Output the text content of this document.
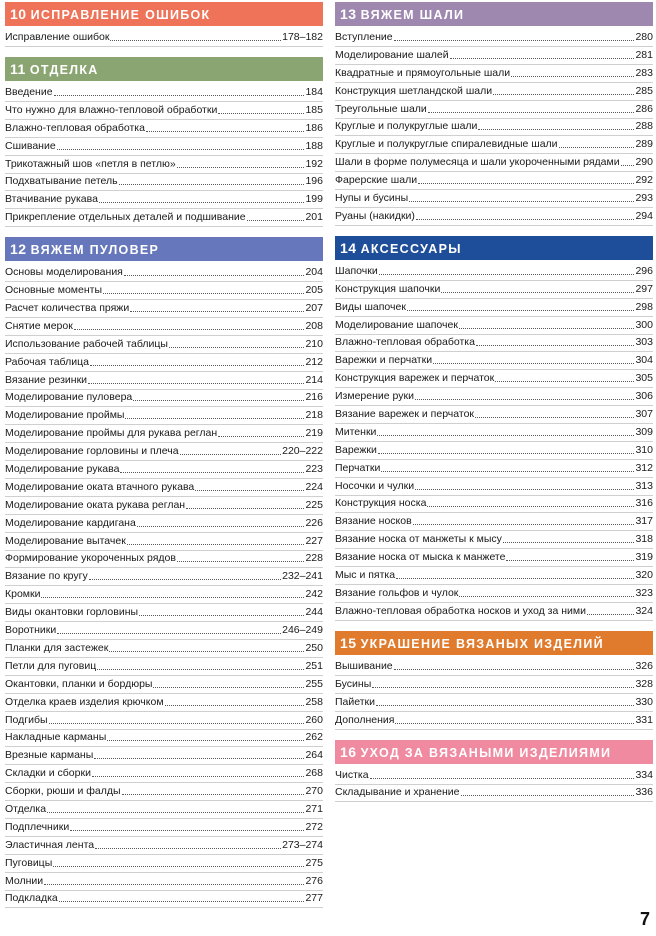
10 ИСПРАВЛЕНИЕ ОШИБОК
Исправление ошибок	178–182
11 ОТДЕЛКА
Введение	184
Что нужно для влажно-тепловой обработки	185
Влажно-тепловая обработка	186
Сшивание	188
Трикотажный шов «петля в петлю»	192
Подхватывание петель	196
Втачивание рукава	199
Прикрепление отдельных деталей и подшивание	201
12 ВЯЖЕМ ПУЛОВЕР
Основы моделирования	204
Основные моменты	205
Расчет количества пряжи	207
Снятие мерок	208
Использование рабочей таблицы	210
Рабочая таблица	212
Вязание резинки	214
Моделирование пуловера	216
Моделирование проймы	218
Моделирование проймы для рукава реглан	219
Моделирование горловины и плеча	220–222
Моделирование рукава	223
Моделирование оката втачного рукава	224
Моделирование оката рукава реглан	225
Моделирование кардигана	226
Моделирование вытачек	227
Формирование укороченных рядов	228
Вязание по кругу	232–241
Кромки	242
Виды окантовки горловины	244
Воротники	246–249
Планки для застежек	250
Петли для пуговиц	251
Окантовки, планки и бордюры	255
Отделка краев изделия крючком	258
Подгибы	260
Накладные карманы	262
Врезные карманы	264
Складки и сборки	268
Сборки, рюши и фалды	270
Отделка	271
Подплечники	272
Эластичная лента	273–274
Пуговицы	275
Молнии	276
Подкладка	277
13 ВЯЖЕМ ШАЛИ
Вступление	280
Моделирование шалей	281
Квадратные и прямоугольные шали	283
Конструкция шетландской шали	285
Треугольные шали	286
Круглые и полукруглые шали	288
Круглые и полукруглые спиралевидные шали	289
Шали в форме полумесяца и шали укороченными рядами 290
Фарерские шали	292
Нупы и бусины	293
Руаны (накидки)	294
14 АКСЕССУАРЫ
Шапочки	296
Конструкция шапочки	297
Виды шапочек	298
Моделирование шапочек	300
Влажно-тепловая обработка	303
Варежки и перчатки	304
Конструкция варежек и перчаток	305
Измерение руки	306
Вязание варежек и перчаток	307
Митенки	309
Варежки	310
Перчатки	312
Носочки и чулки	313
Конструкция носка	316
Вязание носков	317
Вязание носка от манжеты к мысу	318
Вязание носка от мыска к манжете	319
Мыс и пятка	320
Вязание гольфов и чулок	323
Влажно-тепловая обработка носков и уход за ними	324
15 УКРАШЕНИЕ ВЯЗАНЫХ ИЗДЕЛИЙ
Вышивание	326
Бусины	328
Пайетки	330
Дополнения	331
16 УХОД ЗА ВЯЗАНЫМИ ИЗДЕЛИЯМИ
Чистка	334
Складывание и хранение	336
7
